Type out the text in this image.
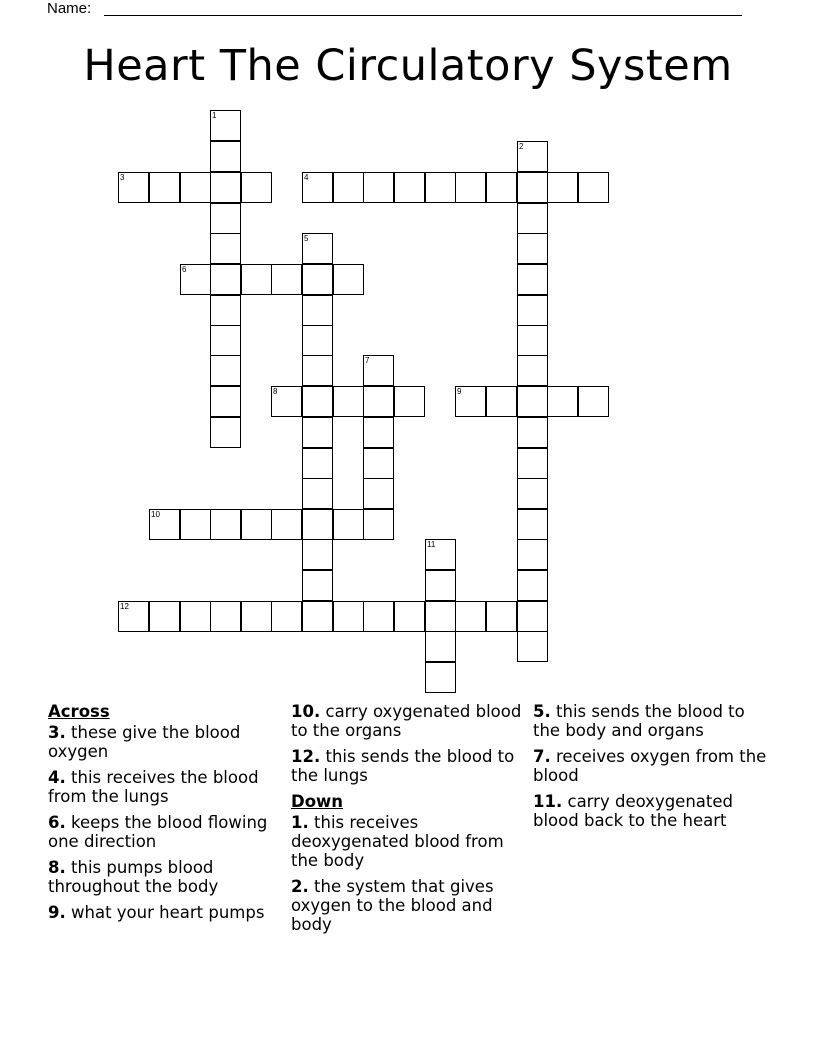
Name:
Heart The Circulatory System
1
3	4
2
5
6
7
8	9
10
11
12
Across
3. these give the blood oxygen
4. this receives the blood from the lungs
6. keeps the blood flowing one direction
8. this pumps blood throughout the body
9. what your heart pumps
10. carry oxygenated blood to the organs
12. this sends the blood to the lungs
Down
1. this receives deoxygenated blood from the body
2. the system that gives oxygen to the blood and body
5. this sends the blood to the body and organs
7. receives oxygen from the blood
11. carry deoxygenated blood back to the heart
